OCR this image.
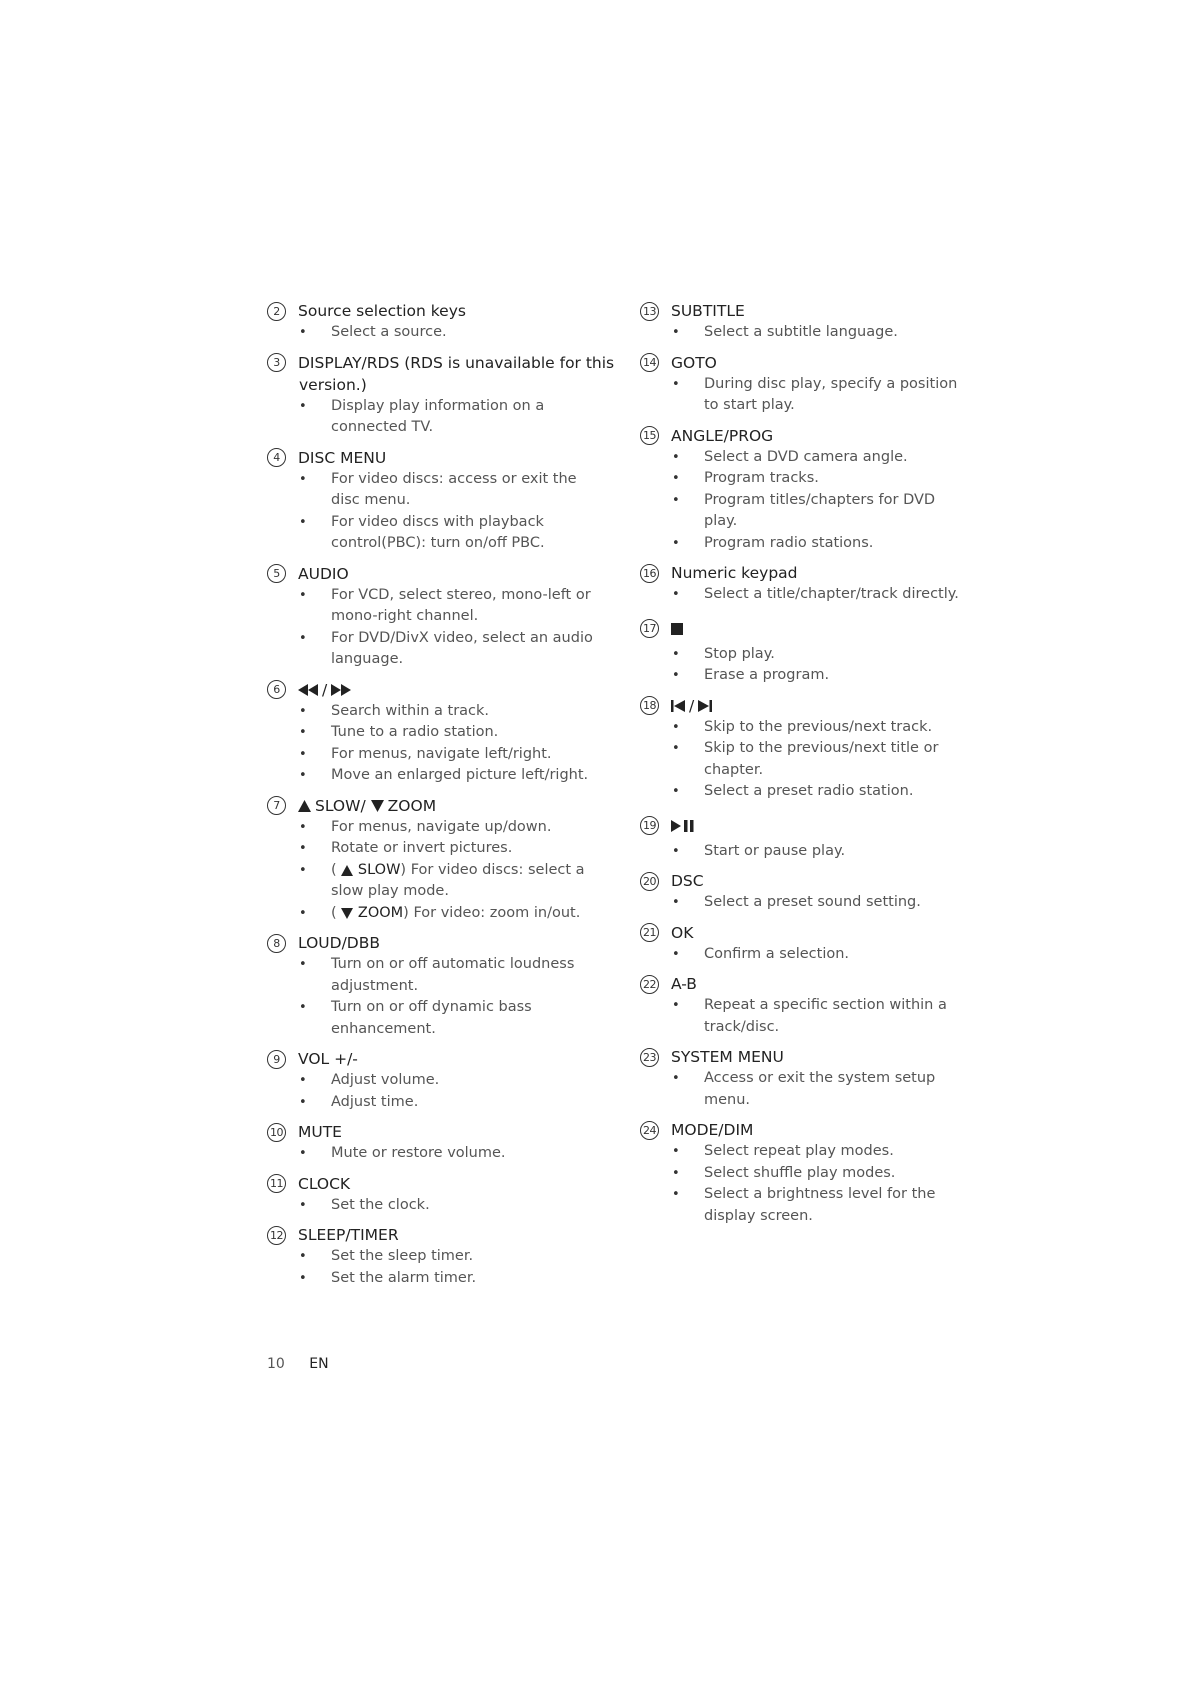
2	Source selection keys
• Select a source.
3	DISPLAY/RDS (RDS is unavailable for this
version.)
• Display play information on a connected TV.
4	DISC MENU
• For video discs: access or exit the disc menu.
• For video discs with playback control(PBC): turn on/off PBC.
5	AUDIO
• For VCD, select stereo, mono-left or mono-right channel.
• For DVD/DivX video, select an audio language.
6	/
• Search within a track.
• Tune to a radio station.
• For menus, navigate left/right.
• Move an enlarged picture left/right.
7	SLOW/ ZOOM
• For menus, navigate up/down.
• Rotate or invert pictures.
• ( SLOW) For video discs: select a slow play mode.
• ( ZOOM) For video: zoom in/out.
8	LOUD/DBB
• Turn on or off automatic loudness adjustment.
• Turn on or off dynamic bass enhancement.
9	VOL +/-
• Adjust volume.
• Adjust time.
10 MUTE
• Mute or restore volume.
11 CLOCK
• Set the clock.
12 SLEEP/TIMER
• Set the sleep timer.
• Set the alarm timer.
13 SUBTITLE
• Select a subtitle language.
14 GOTO
• During disc play, specify a position to start play.
15 ANGLE/PROG
• Select a DVD camera angle.
• Program tracks.
• Program titles/chapters for DVD play.
• Program radio stations.
16 Numeric keypad
• Select a title/chapter/track directly.
17
• Stop play.
• Erase a program.
18 /
• Skip to the previous/next track.
• Skip to the previous/next title or chapter.
• Select a preset radio station.
19
• Start or pause play.
20 DSC
• Select a preset sound setting.
21 OK
• Confirm a selection.
22 A-B
• Repeat a specific section within a track/disc.
23 SYSTEM MENU
• Access or exit the system setup menu.
24 MODE/DIM
• Select repeat play modes.
• Select shuffle play modes.
• Select a brightness level for the display screen.
10 EN
